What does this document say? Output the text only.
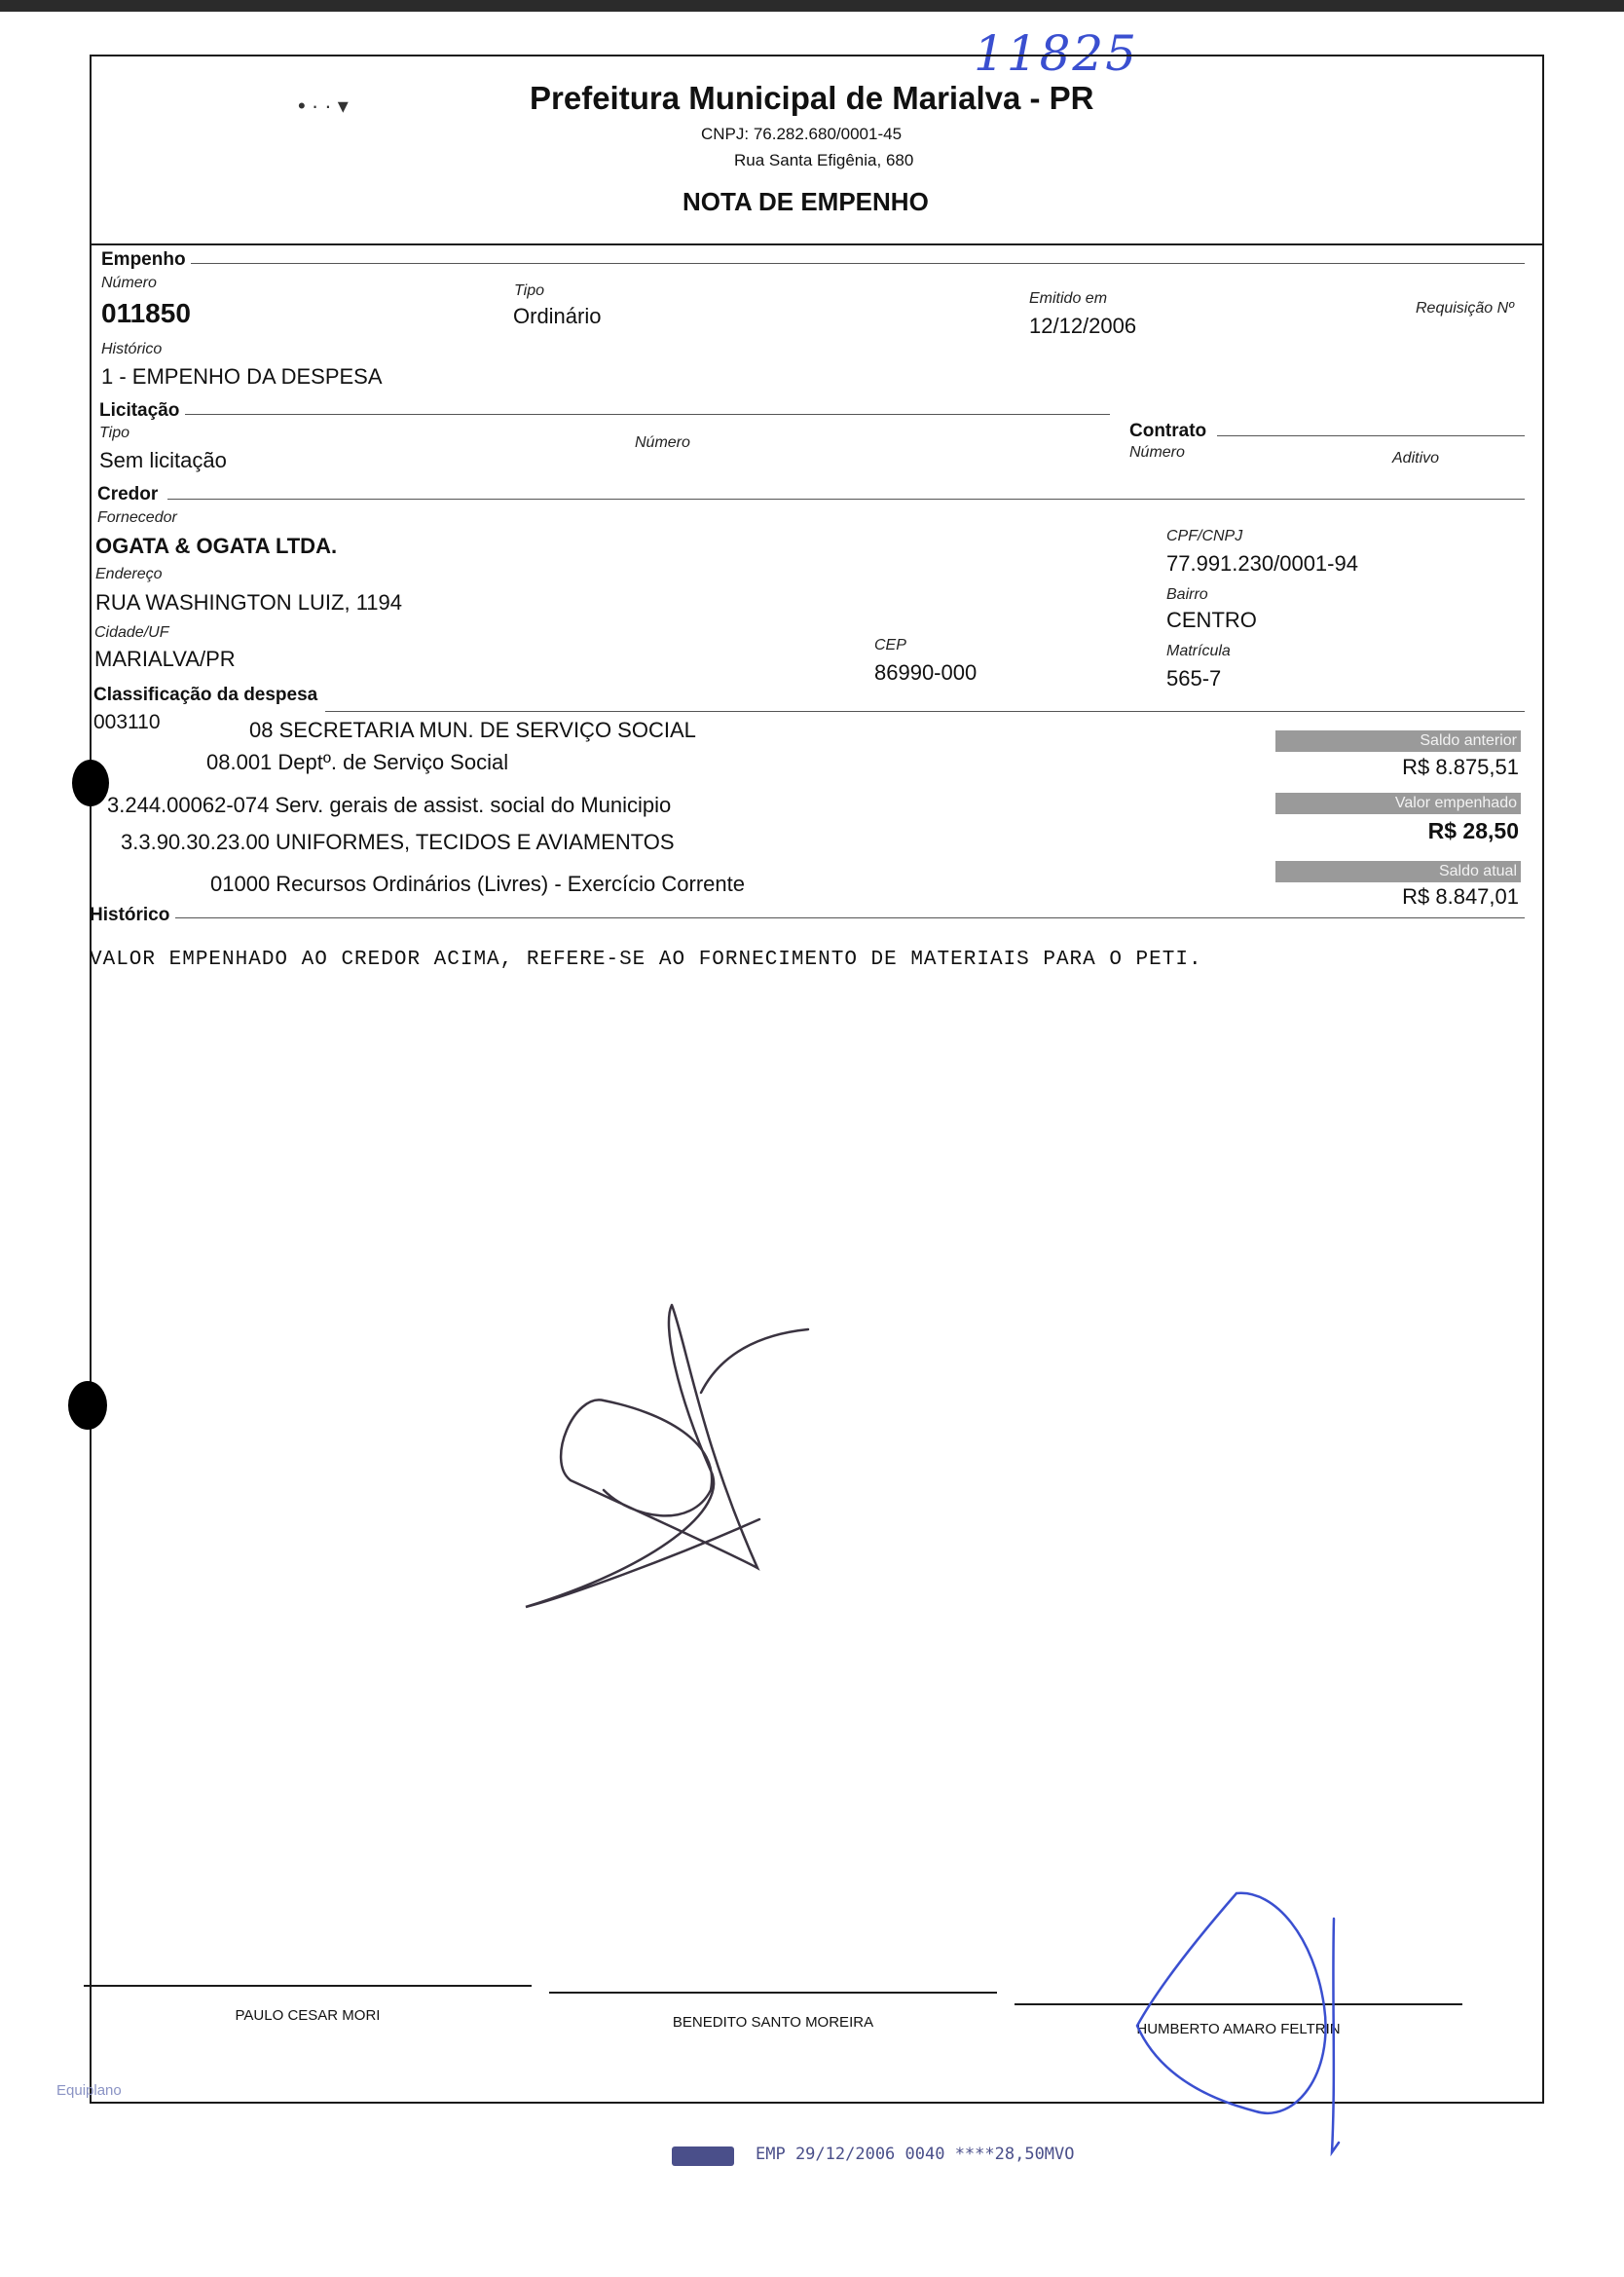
11825
• · · ▾	Prefeitura Municipal de Marialva - PR
CNPJ: 76.282.680/0001-45
Rua Santa Efigênia, 680
NOTA DE EMPENHO
Empenho
Número
011850
Tipo
Ordinário
Emitido em
12/12/2006
Requisição Nº
Histórico
1 - EMPENHO DA DESPESA
Licitação
Tipo
Sem licitação
Número
Contrato
Número	Aditivo
Credor
Fornecedor
OGATA & OGATA LTDA.	CPF/CNPJ
77.991.230/0001-94
Endereço
RUA WASHINGTON LUIZ, 1194	Bairro
CENTRO
Cidade/UF
MARIALVA/PR
CEP
86990-000
Matrícula
565-7
Classificação da despesa
003110	08 SECRETARIA MUN. DE SERVIÇO SOCIAL
08.001 Deptº. de Serviço Social
3.244.00062-074 Serv. gerais de assist. social do Municipio
3.3.90.30.23.00 UNIFORMES, TECIDOS E AVIAMENTOS
01000 Recursos Ordinários (Livres) - Exercício Corrente
Saldo anterior
R$ 8.875,51
Valor empenhado
R$ 28,50
Saldo atual
R$ 8.847,01
Histórico
VALOR EMPENHADO AO CREDOR ACIMA, REFERE-SE AO FORNECIMENTO DE MATERIAIS PARA O PETI.
PAULO CESAR MORI	BENEDITO SANTO MOREIRA	HUMBERTO AMARO FELTRIN
Equiplano
EMP 29/12/2006 0040 ****28,50MVO
